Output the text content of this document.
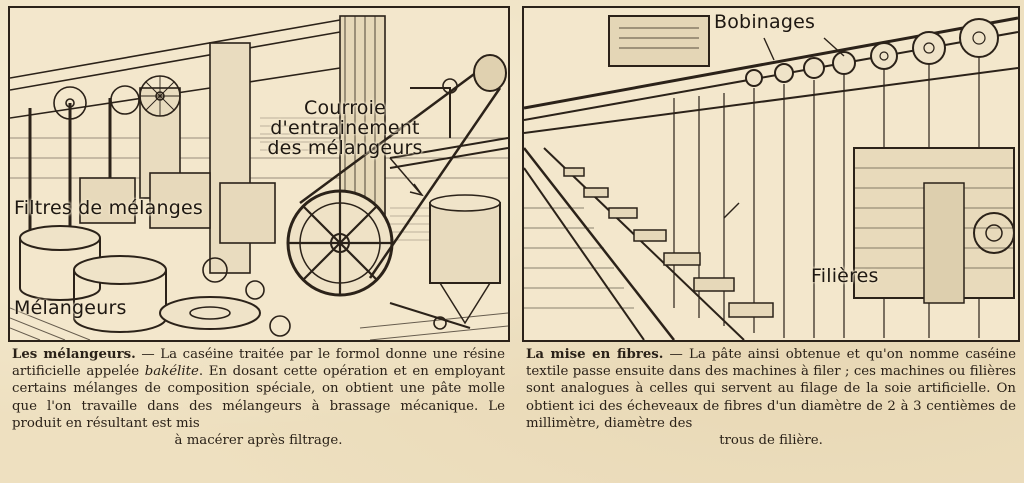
Courroie
d'entrainement
des mélangeurs
Filtres de mélanges
Mélangeurs
Bobinages
Filières
Les mélangeurs. — La caséine traitée par le formol donne une résine artificielle appelée bakélite. En dosant cette opération et en employant certains mélanges de composition spéciale, on obtient une pâte molle que l'on travaille dans des mélangeurs à brassage mécanique. Le produit en résultant est mis
à macérer après filtrage.
La mise en fibres. — La pâte ainsi obtenue et qu'on nomme caséine textile passe ensuite dans des machines à filer ; ces machines ou filières sont analogues à celles qui servent au filage de la soie artificielle. On obtient ici des écheveaux de fibres d'un diamètre de 2 à 3 centièmes de millimètre, diamètre des
trous de filière.
